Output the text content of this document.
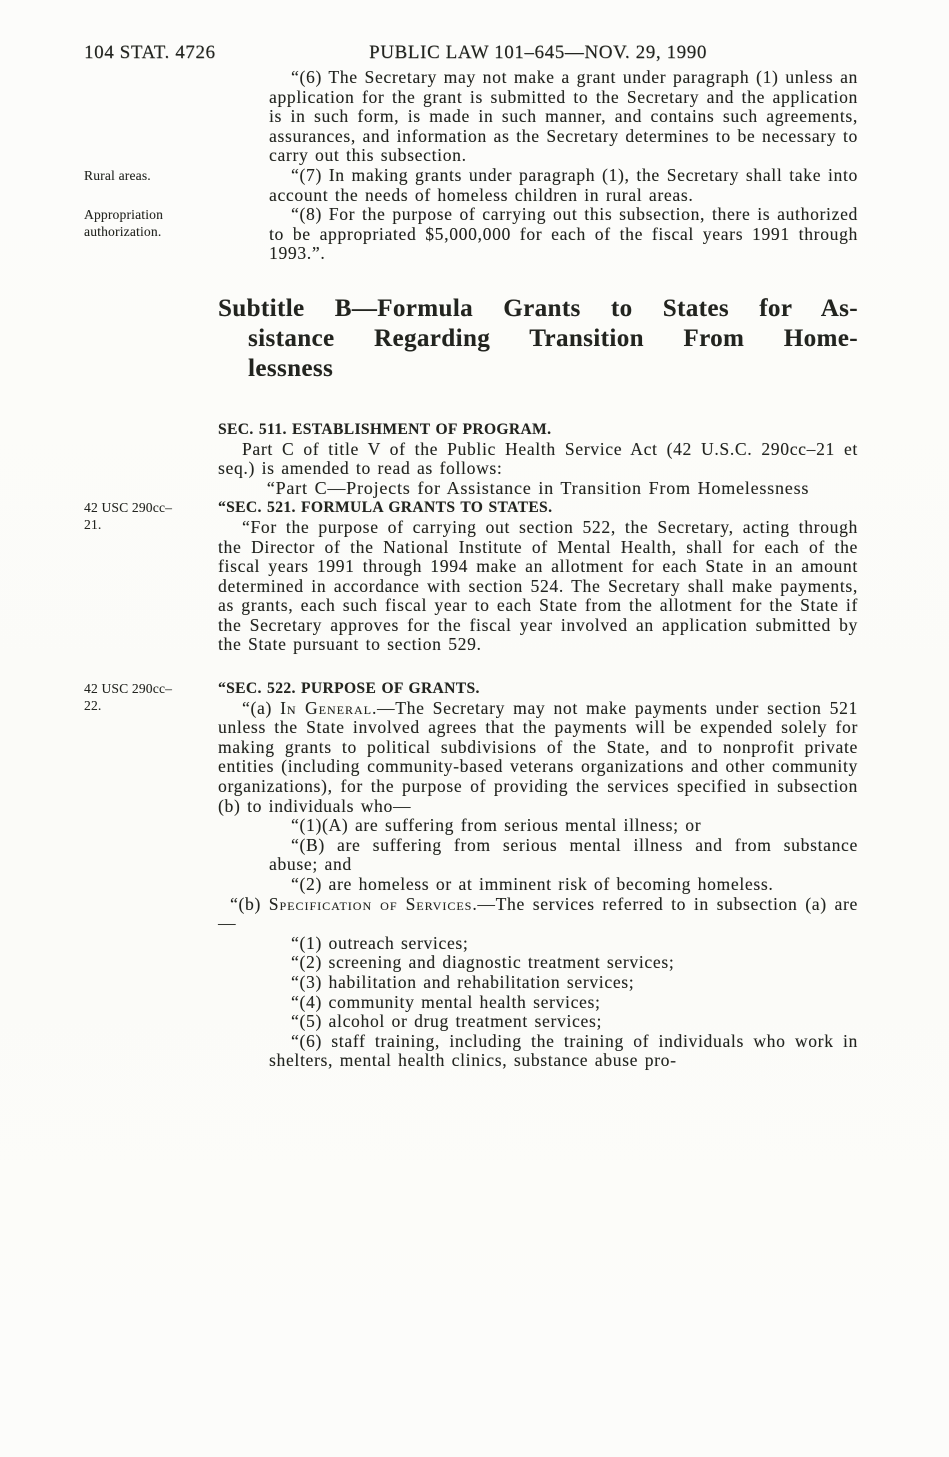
104 STAT. 4726	PUBLIC LAW 101–645—NOV. 29, 1990

“(6) The Secretary may not make a grant under paragraph (1) unless an application for the grant is submitted to the Secretary and the application is in such form, is made in such manner, and contains such agreements, assurances, and information as the Secretary determines to be necessary to carry out this subsection.

Rural areas.	“(7) In making grants under paragraph (1), the Secretary shall take into account the needs of homeless children in rural areas.

Appropriation authorization.

“(8) For the purpose of carrying out this subsection, there is authorized to be appropriated $5,000,000 for each of the fiscal years 1991 through 1993.”.

Subtitle B—Formula Grants to States for As-
sistance Regarding Transition From Home-
lessness

SEC. 511. ESTABLISHMENT OF PROGRAM.

Part C of title V of the Public Health Service Act (42 U.S.C. 290cc–21 et seq.) is amended to read as follows:

“Part C—Projects for Assistance in Transition From Homelessness

42 USC 290cc–21.

“SEC. 521. FORMULA GRANTS TO STATES.

“For the purpose of carrying out section 522, the Secretary, acting through the Director of the National Institute of Mental Health, shall for each of the fiscal years 1991 through 1994 make an allotment for each State in an amount determined in accordance with section 524. The Secretary shall make payments, as grants, each such fiscal year to each State from the allotment for the State if the Secretary approves for the fiscal year involved an application submitted by the State pursuant to section 529.

42 USC 290cc–22.

“SEC. 522. PURPOSE OF GRANTS.

“(a) In General.—The Secretary may not make payments under section 521 unless the State involved agrees that the payments will be expended solely for making grants to political subdivisions of the State, and to nonprofit private entities (including community-based veterans organizations and other community organizations), for the purpose of providing the services specified in subsection (b) to individuals who—

“(1)(A) are suffering from serious mental illness; or

“(B) are suffering from serious mental illness and from substance abuse; and

“(2) are homeless or at imminent risk of becoming homeless.

“(b) Specification of Services.—The services referred to in subsection (a) are—

“(1) outreach services;

“(2) screening and diagnostic treatment services;

“(3) habilitation and rehabilitation services;

“(4) community mental health services;

“(5) alcohol or drug treatment services;

“(6) staff training, including the training of individuals who work in shelters, mental health clinics, substance abuse pro-
